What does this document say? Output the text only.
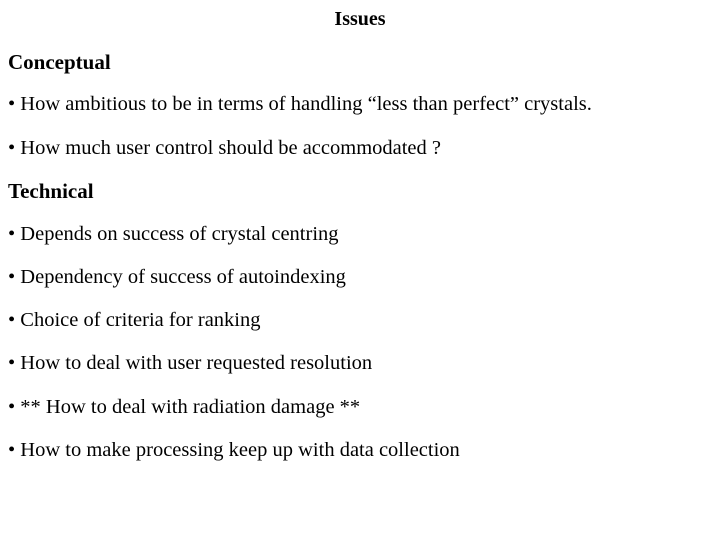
Issues
Conceptual
• How ambitious to be in terms of handling “less than perfect” crystals.
• How much user control should be accommodated ?
Technical
• Depends on success of crystal centring
• Dependency of success of autoindexing
• Choice of criteria for ranking
• How to deal with user requested resolution
• ** How to deal with radiation damage **
• How to make processing keep up with data collection
